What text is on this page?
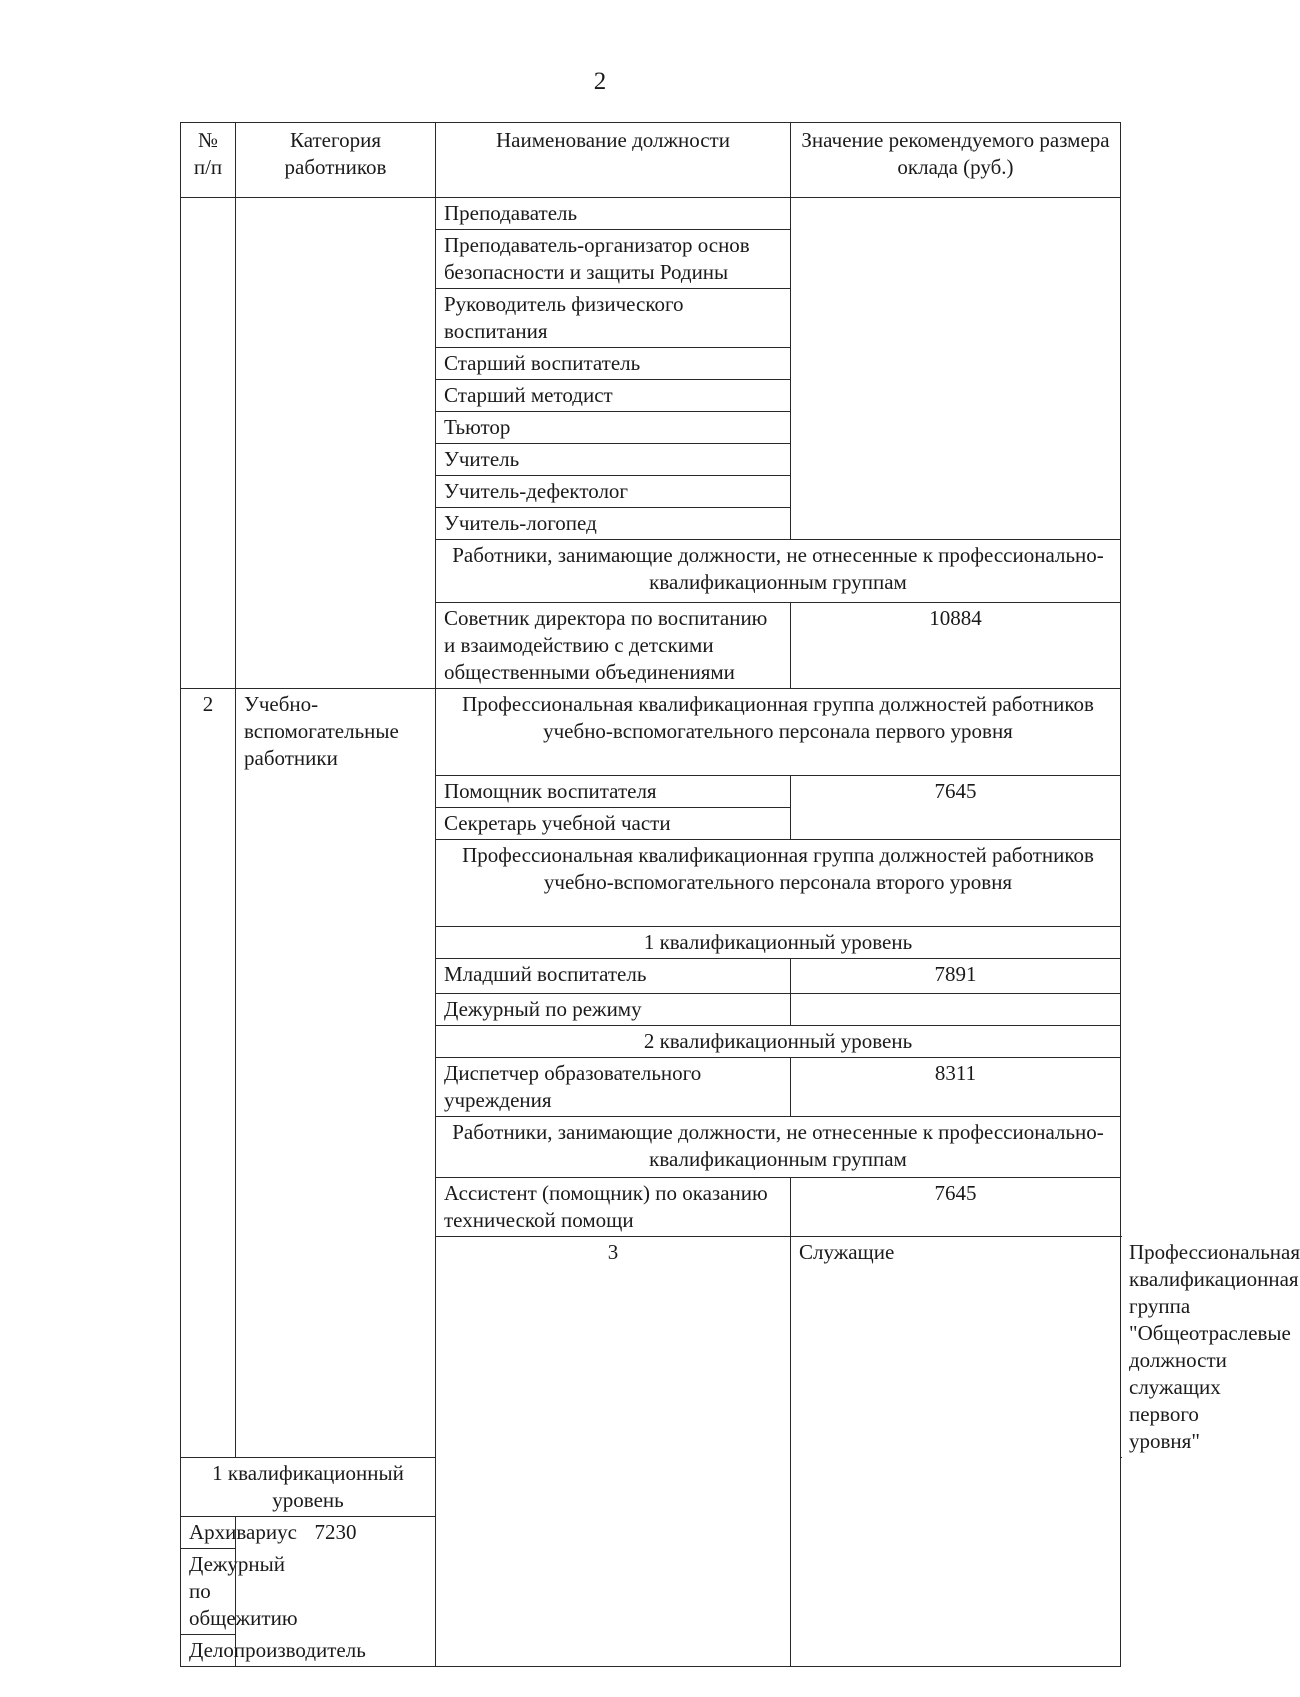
2
№ п/п	Категория работников	Наименование должности	Значение рекомендуемого размера оклада (руб.)	
		Преподаватель		
		Преподаватель-организатор основ безопасности и защиты Родины		
		Руководитель физического воспитания		
		Старший воспитатель		
		Старший методист		
		Тьютор		
		Учитель		
		Учитель-дефектолог		
		Учитель-логопед		
		Работники, занимающие должности, не отнесенные к профессионально-квалификационным группам		
		Советник директора по воспитанию и взаимодействию с детскими общественными объединениями	10884	
2	Учебно-вспомогательные работники	Профессиональная квалификационная группа должностей работников учебно-вспомогательного персонала первого уровня		
		Помощник воспитателя	7645	
		Секретарь учебной части		
		Профессиональная квалификационная группа должностей работников учебно-вспомогательного персонала второго уровня		
		1 квалификационный уровень		
		Младший воспитатель	7891	
		Дежурный по режиму		
		2 квалификационный уровень		
		Диспетчер образовательного учреждения	8311	
		Работники, занимающие должности, не отнесенные к профессионально-квалификационным группам		
		Ассистент (помощник) по оказанию технической помощи	7645	
		3	Служащие	Профессиональная квалификационная группа "Общеотраслевые должности служащих первого уровня"
1 квалификационный уровень				
Архивариус	7230			
Дежурный по общежитию				
Делопроизводитель				
